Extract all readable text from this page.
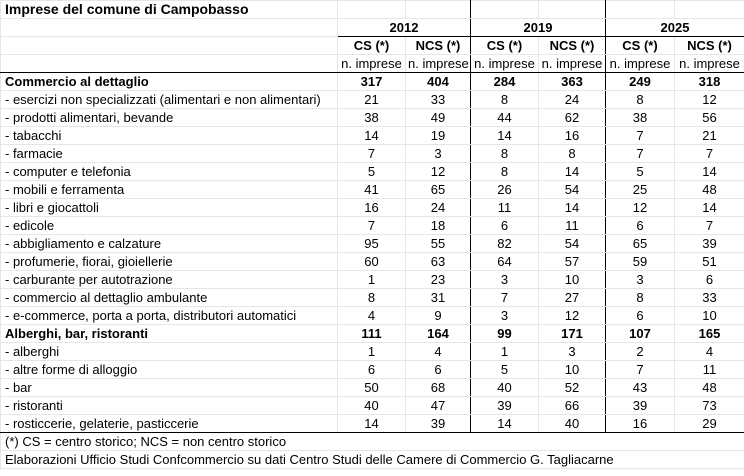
Imprese del comune di Campobasso						
	2012		2019		2025	
	CS (*)	NCS (*)	CS (*)	NCS (*)	CS (*)	NCS (*)
	n. imprese	n. imprese	n. imprese	n. imprese	n. imprese	n. imprese
Commercio al dettaglio	317	404	284	363	249	318
- esercizi non specializzati (alimentari e non alimentari)	21	33	8	24	8	12
- prodotti alimentari, bevande	38	49	44	62	38	56
- tabacchi	14	19	14	16	7	21
- farmacie	7	3	8	8	7	7
- computer e telefonia	5	12	8	14	5	14
- mobili e ferramenta	41	65	26	54	25	48
- libri e giocattoli	16	24	11	14	12	14
- edicole	7	18	6	11	6	7
- abbigliamento e calzature	95	55	82	54	65	39
- profumerie, fiorai, gioiellerie	60	63	64	57	59	51
- carburante per autotrazione	1	23	3	10	3	6
- commercio al dettaglio ambulante	8	31	7	27	8	33
- e-commerce, porta a porta, distributori automatici	4	9	3	12	6	10
Alberghi, bar, ristoranti	111	164	99	171	107	165
- alberghi	1	4	1	3	2	4
- altre forme di alloggio	6	6	5	10	7	11
- bar	50	68	40	52	43	48
- ristoranti	40	47	39	66	39	73
- rosticcerie, gelaterie, pasticcerie	14	39	14	40	16	29
(*) CS = centro storico; NCS = non centro storico						
Elaborazioni Ufficio Studi Confcommercio su dati Centro Studi delle Camere di Commercio G. Tagliacarne						
